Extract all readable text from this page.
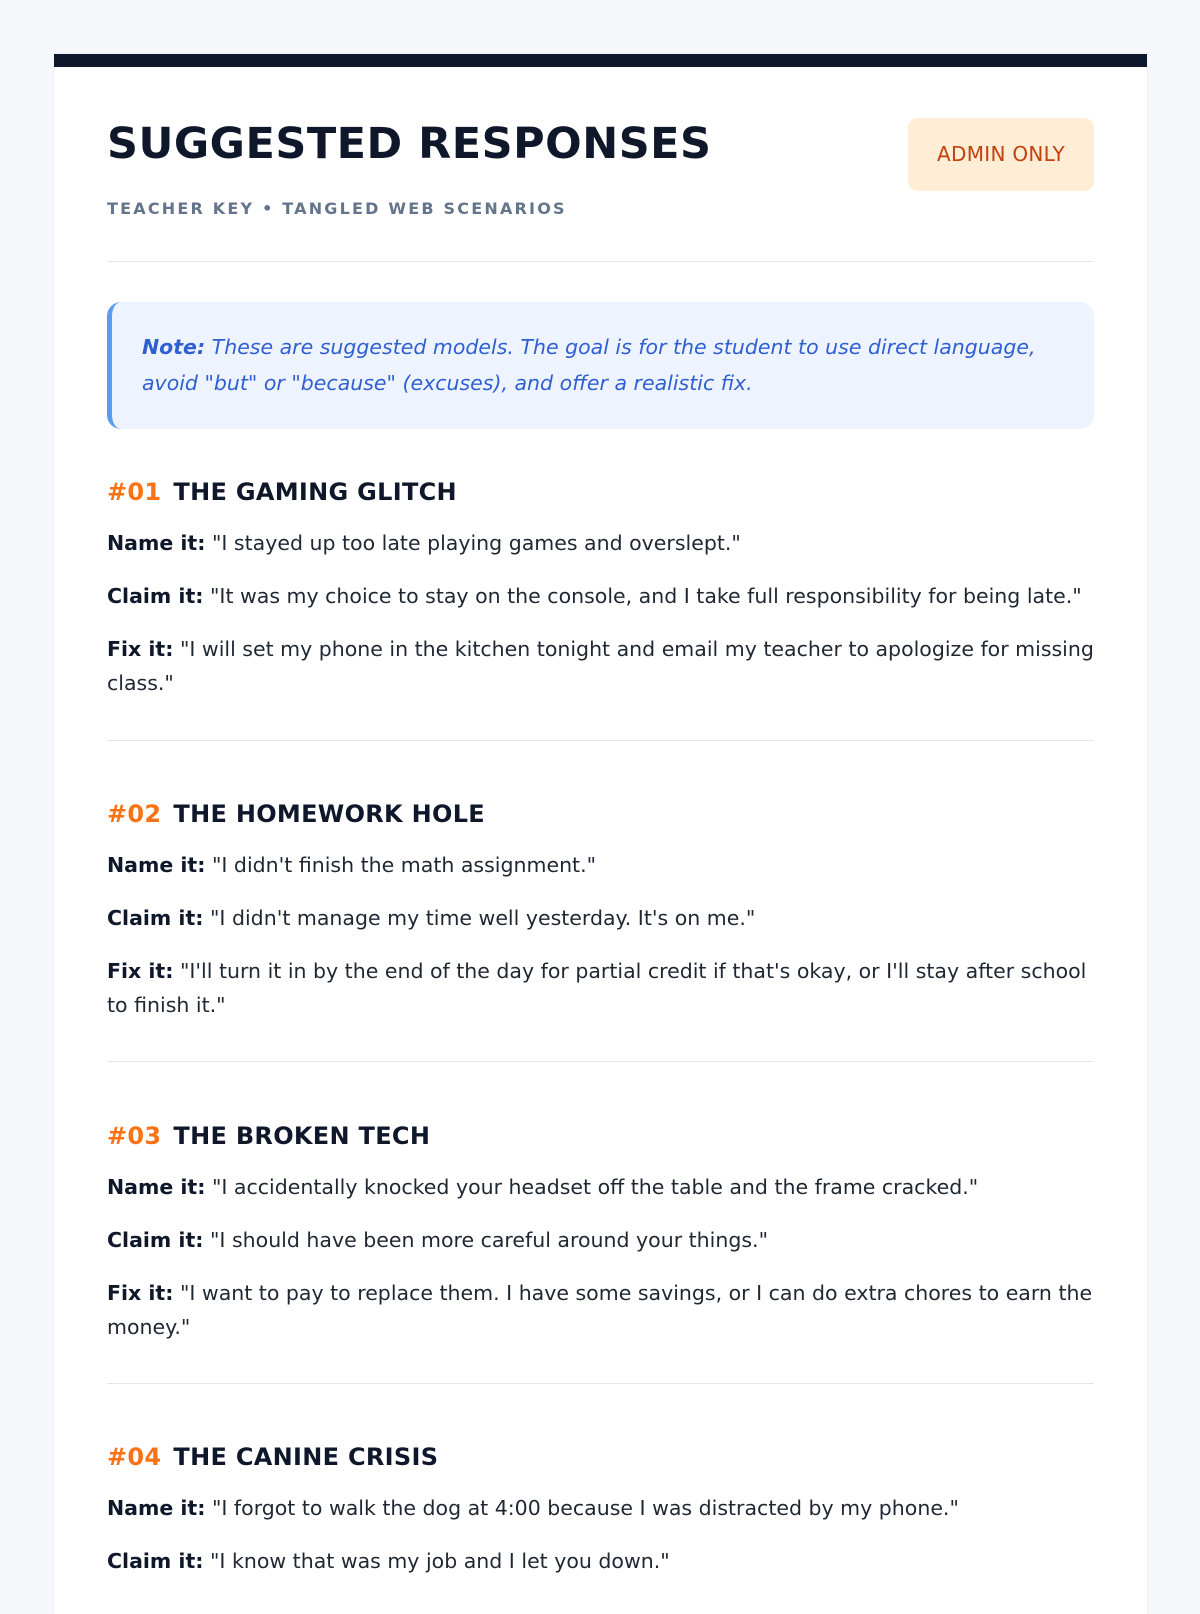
SUGGESTED RESPONSES
TEACHER KEY • TANGLED WEB SCENARIOS
ADMIN ONLY
Note: These are suggested models. The goal is for the student to use direct language, avoid "but" or "because" (excuses), and offer a realistic fix.
#01 THE GAMING GLITCH

Name it: "I stayed up too late playing games and overslept."

Claim it: "It was my choice to stay on the console, and I take full responsibility for being late."

Fix it: "I will set my phone in the kitchen tonight and email my teacher to apologize for missing class."

#02 THE HOMEWORK HOLE

Name it: "I didn't finish the math assignment."

Claim it: "I didn't manage my time well yesterday. It's on me."

Fix it: "I'll turn it in by the end of the day for partial credit if that's okay, or I'll stay after school to finish it."

#03 THE BROKEN TECH

Name it: "I accidentally knocked your headset off the table and the frame cracked."

Claim it: "I should have been more careful around your things."

Fix it: "I want to pay to replace them. I have some savings, or I can do extra chores to earn the money."

#04 THE CANINE CRISIS

Name it: "I forgot to walk the dog at 4:00 because I was distracted by my phone."

Claim it: "I know that was my job and I let you down."
